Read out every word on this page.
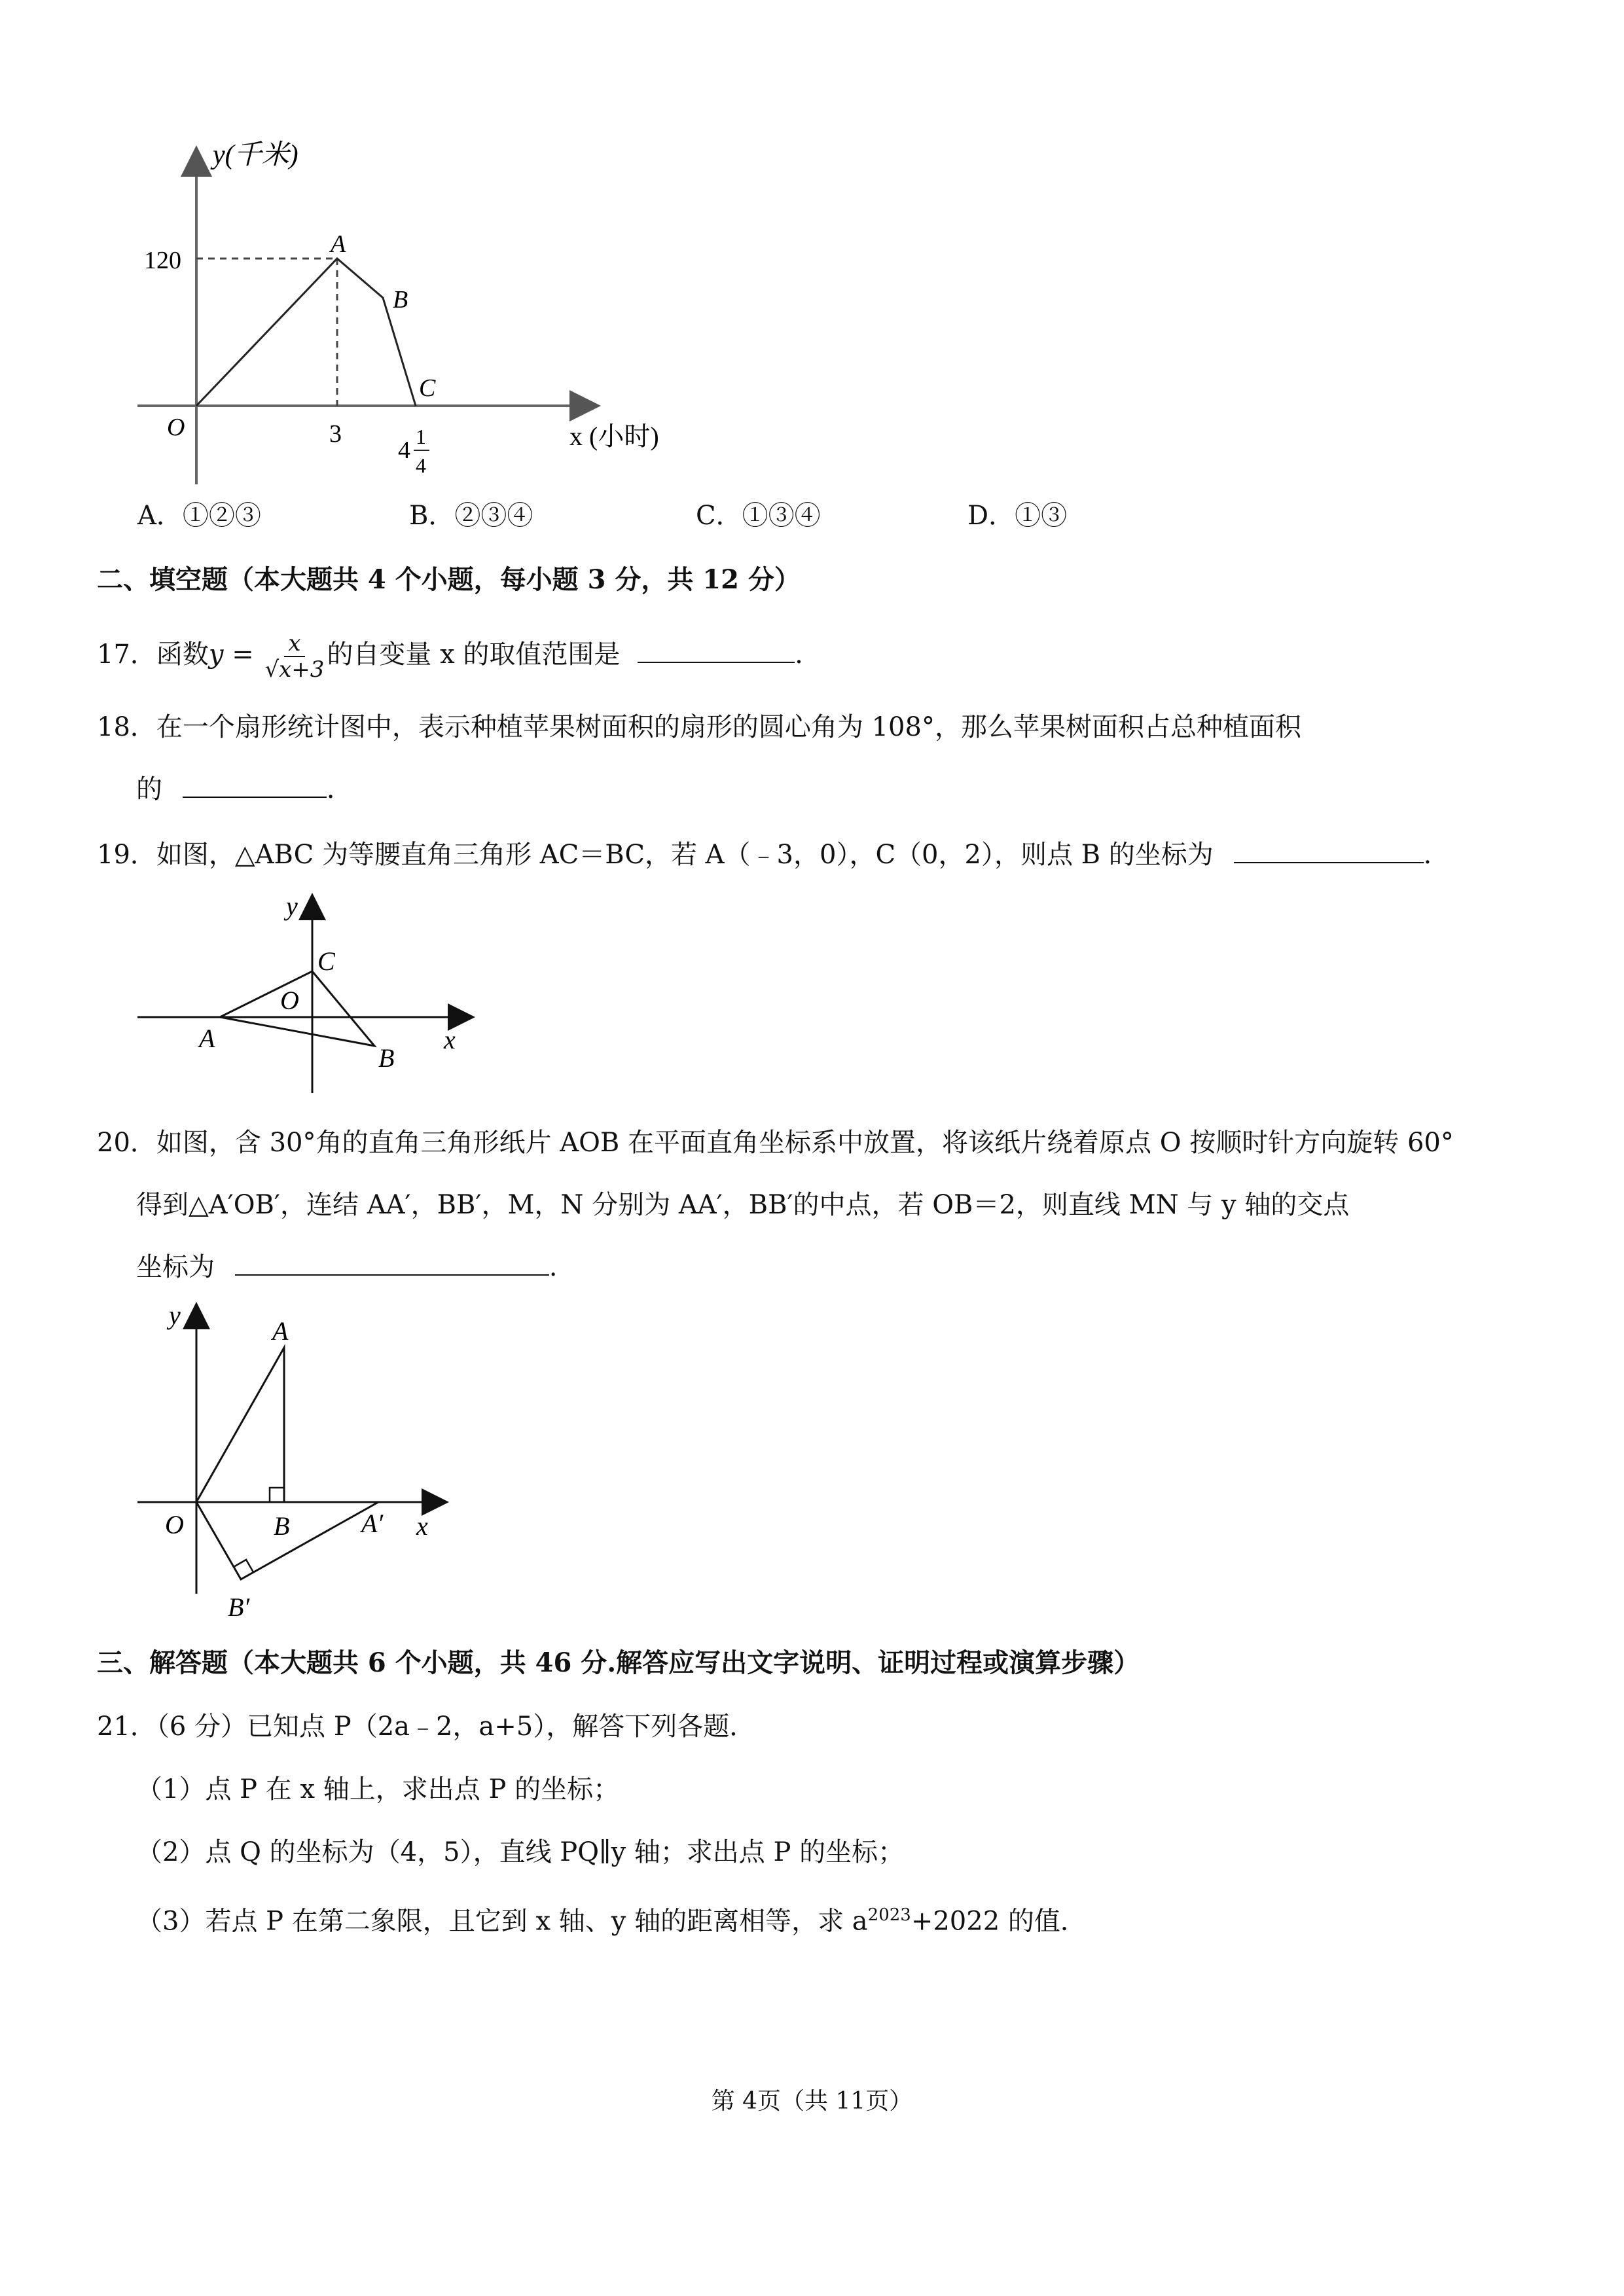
y(千米)
120
A
B
C
O	3
4 1
4
x (小时)
A．①②③	B．②③④	C．①③④	D．①③
二、填空题（本大题共 4 个小题，每小题 3 分，共 12 分）
17．函数$y = \frac{x}{√x+3}$ 的自变量 x 的取值范围是	.
18．在一个扇形统计图中，表示种植苹果树面积的扇形的圆心角为 108°，那么苹果树面积占总种植面积
的	.
19．如图，△ABC 为等腰直角三角形 AC＝BC，若 A（﹣3，0），C（0，2），则点 B 的坐标为	.
y
C
O
A
B
x
20．如图，含 30°角的直角三角形纸片 AOB 在平面直角坐标系中放置，将该纸片绕着原点 O 按顺时针方向旋转 60°
得到△A′OB′，连结 AA′，BB′，M，N 分别为 AA′，BB′的中点，若 OB＝2，则直线 MN 与 y 轴的交点
坐标为	.
y
A
O	B	A′ x
B′
三、解答题（本大题共 6 个小题，共 46 分.解答应写出文字说明、证明过程或演算步骤）
21．（6 分）已知点 P（2a﹣2，a+5），解答下列各题．
（1）点 P 在 x 轴上，求出点 P 的坐标；
（2）点 Q 的坐标为（4，5），直线 PQ∥y 轴；求出点 P 的坐标；
（3）若点 P 在第二象限，且它到 x 轴、y 轴的距离相等，求 $a^{2023}+2022$ 的值．
第 4页（共 11页）
